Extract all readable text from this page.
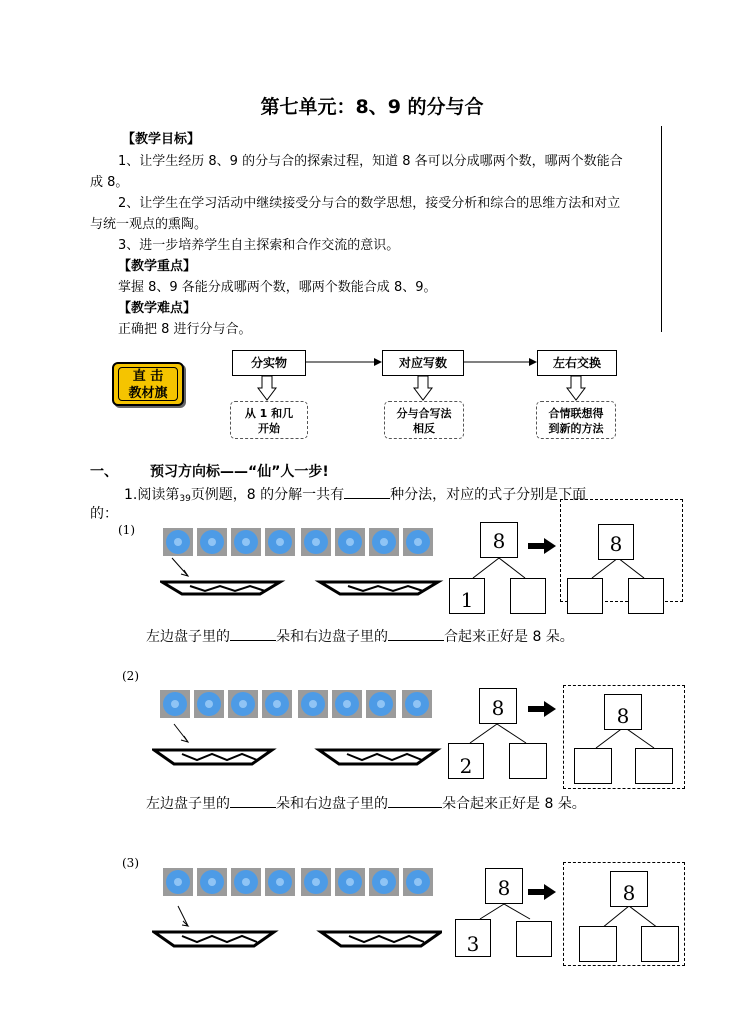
第七单元：8、9 的分与合
【教学目标】
1、让学生经历 8、9 的分与合的探索过程，知道 8 各可以分成哪两个数，哪两个数能合
成 8。
2、让学生在学习活动中继续接受分与合的数学思想，接受分析和综合的思维方法和对立
与统一观点的熏陶。
3、进一步培养学生自主探索和合作交流的意识。
【教学重点】
掌握 8、9 各能分成哪两个数，哪两个数能合成 8、9。
【教学难点】
正确把 8 进行分与合。
直 击
教材旗
分实物	对应写数	左右交换
从 1 和几
开始
分与合写法
相反
合情联想得
到新的方法
一、 预习方向标——“仙”人一步!
1.阅读第39页例题，8 的分解一共有	种分法，对应的式子分别是下面
的：
(1)	8
1
8
左边盘子里的	朵和右边盘子里的	合起来正好是 8 朵。
(2)
8
2
8
左边盘子里的	朵和右边盘子里的	朵合起来正好是 8 朵。
(3)
8
3
8
